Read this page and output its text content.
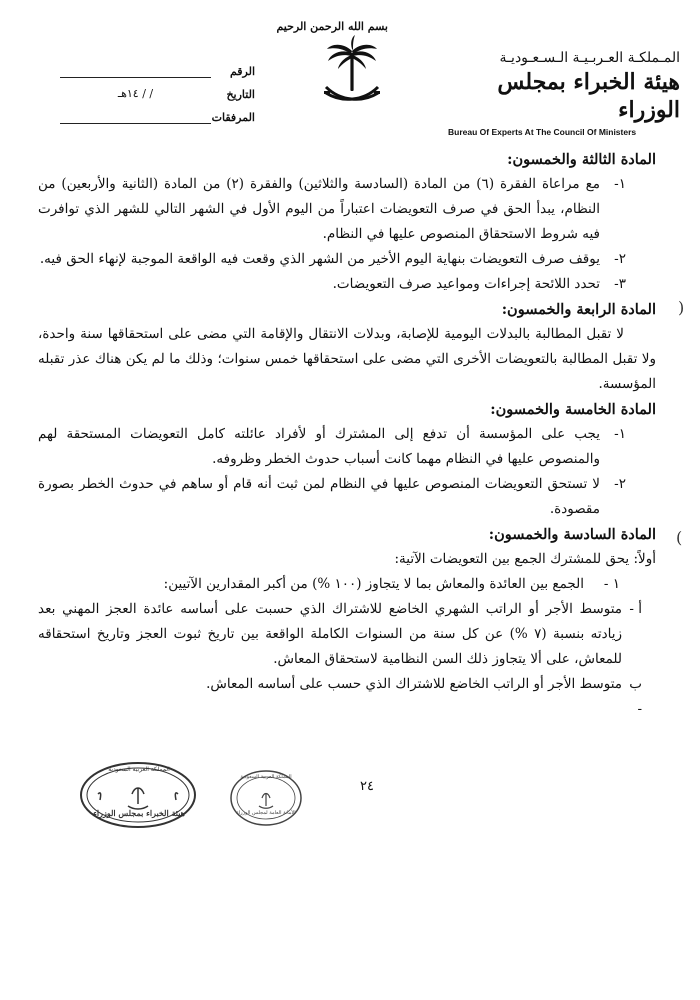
المـملكـة العـربـيـة الـسـعـوديـة
هيئة الخبراء بمجلس الوزراء
Bureau Of Experts At The Council Of Ministers
بسم الله الرحمن الرحيم
الرقم
التاريخ
/ / ١٤هـ
المرفقات
المادة الثالثة والخمسون:
١-
مع مراعاة الفقرة (٦) من المادة (السادسة والثلاثين) والفقرة (٢) من المادة (الثانية والأربعين) من النظام، يبدأ الحق في صرف التعويضات اعتباراً من اليوم الأول في الشهر التالي للشهر الذي توافرت فيه شروط الاستحقاق المنصوص عليها في النظام.
٢-
يوقف صرف التعويضات بنهاية اليوم الأخير من الشهر الذي وقعت فيه الواقعة الموجبة لإنهاء الحق فيه.
٣-
تحدد اللائحة إجراءات ومواعيد صرف التعويضات.
المادة الرابعة والخمسون:
لا تقبل المطالبة بالبدلات اليومية للإصابة، وبدلات الانتقال والإقامة التي مضى على استحقاقها سنة واحدة، ولا تقبل المطالبة بالتعويضات الأخرى التي مضى على استحقاقها خمس سنوات؛ وذلك ما لم يكن هناك عذر تقبله المؤسسة.
المادة الخامسة والخمسون:
١-
يجب على المؤسسة أن تدفع إلى المشترك أو لأفراد عائلته كامل التعويضات المستحقة لهم والمنصوص عليها في النظام مهما كانت أسباب حدوث الخطر وظروفه.
٢-
لا تستحق التعويضات المنصوص عليها في النظام لمن ثبت أنه قام أو ساهم في حدوث الخطر بصورة مقصودة.
المادة السادسة والخمسون:
أولاً: يحق للمشترك الجمع بين التعويضات الآتية:
١ -
الجمع بين العائدة والمعاش بما لا يتجاوز (١٠٠ %) من أكبر المقدارين الآتيين:
أ -
متوسط الأجر أو الراتب الشهري الخاضع للاشتراك الذي حسبت على أساسه عائدة العجز المهني بعد زيادته بنسبة (٧ %) عن كل سنة من السنوات الكاملة الواقعة بين تاريخ ثبوت العجز وتاريخ استحقاقه للمعاش، على ألا يتجاوز ذلك السن النظامية لاستحقاق المعاش.
ب -
متوسط الأجر أو الراتب الخاضع للاشتراك الذي حسب على أساسه المعاش.
(
)
٢٤
المملكة العربية السعودية
هيئة الخبراء بمجلس الوزراء
المملكة العربية السعودية
الأمانة العامة لمجلس الوزراء
